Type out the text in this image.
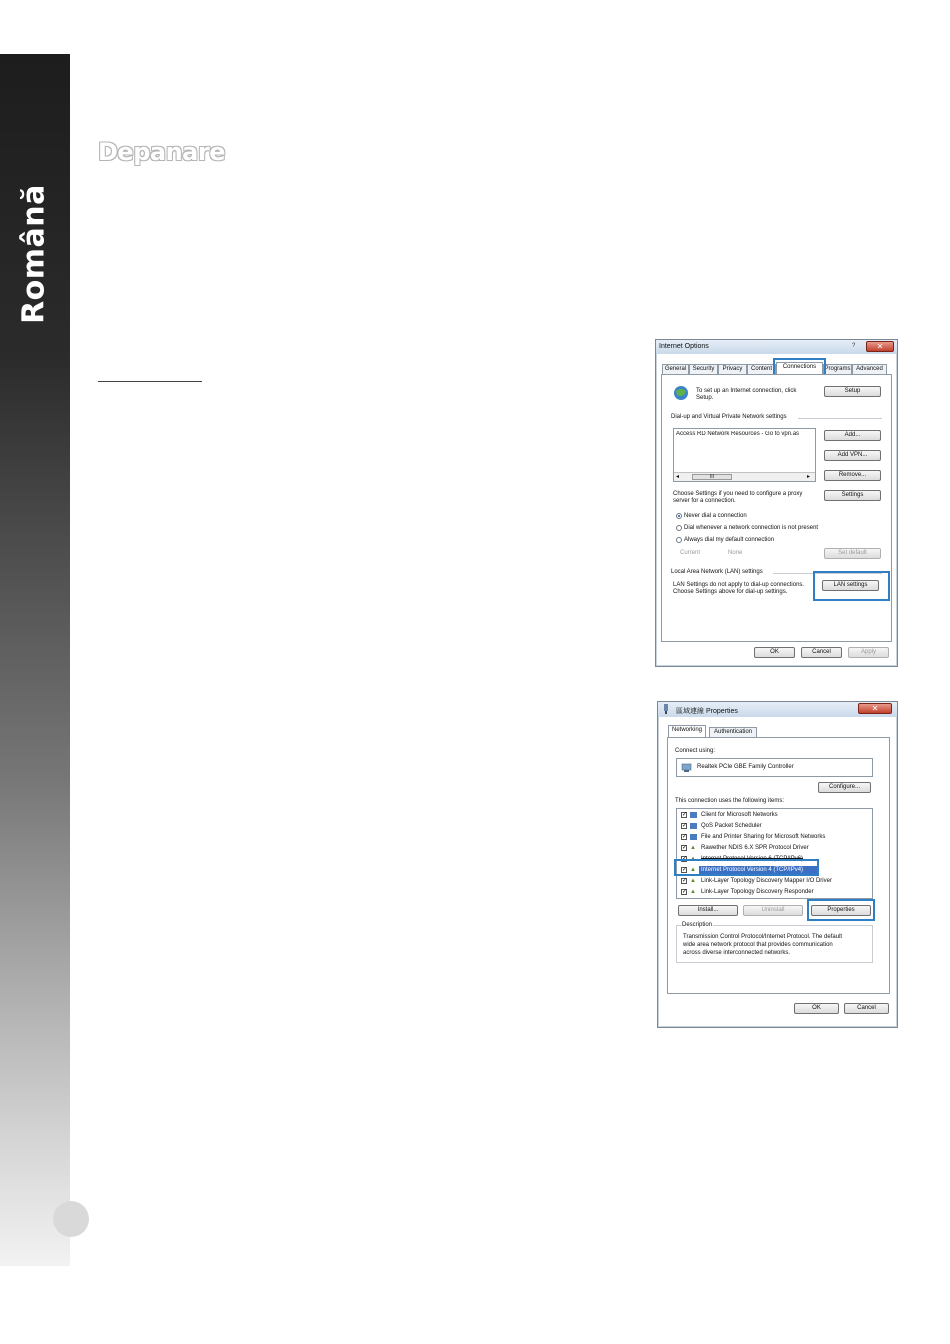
Română
Depanare
Internet Options	?	✕
General	Security	Privacy	Content	Connections	Programs Advanced
To set up an Internet connection, click
Setup.
Setup
Dial-up and Virtual Private Network settings
Access RD Network Resources - Go to vpn.as
◂	III	▸
Add...
Add VPN...
Remove...
Choose Settings if you need to configure a proxy
server for a connection.
Settings
Never dial a connection
Dial whenever a network connection is not present
Always dial my default connection
Current	None	Set default
Local Area Network (LAN) settings
LAN Settings do not apply to dial-up connections.
Choose Settings above for dial-up settings.
LAN settings
OK	Cancel	Apply
區域連線 Properties	✕
Networking	Authentication
Connect using:
Realtek PCIe GBE Family Controller
Configure...
This connection uses the following items:
✓ Client for Microsoft Networks
✓ QoS Packet Scheduler
✓ File and Printer Sharing for Microsoft Networks
✓ ▲ Rawether NDIS 6.X SPR Protocol Driver
✓ ▲ Internet Protocol Version 6 (TCP/IPv6)
✓ ▲ Internet Protocol Version 4 (TCP/IPv4)
✓ ▲ Link-Layer Topology Discovery Mapper I/O Driver
✓ ▲ Link-Layer Topology Discovery Responder
Install...	Uninstall	Properties
Description
Transmission Control Protocol/Internet Protocol. The default
wide area network protocol that provides communication
across diverse interconnected networks.
OK	Cancel
